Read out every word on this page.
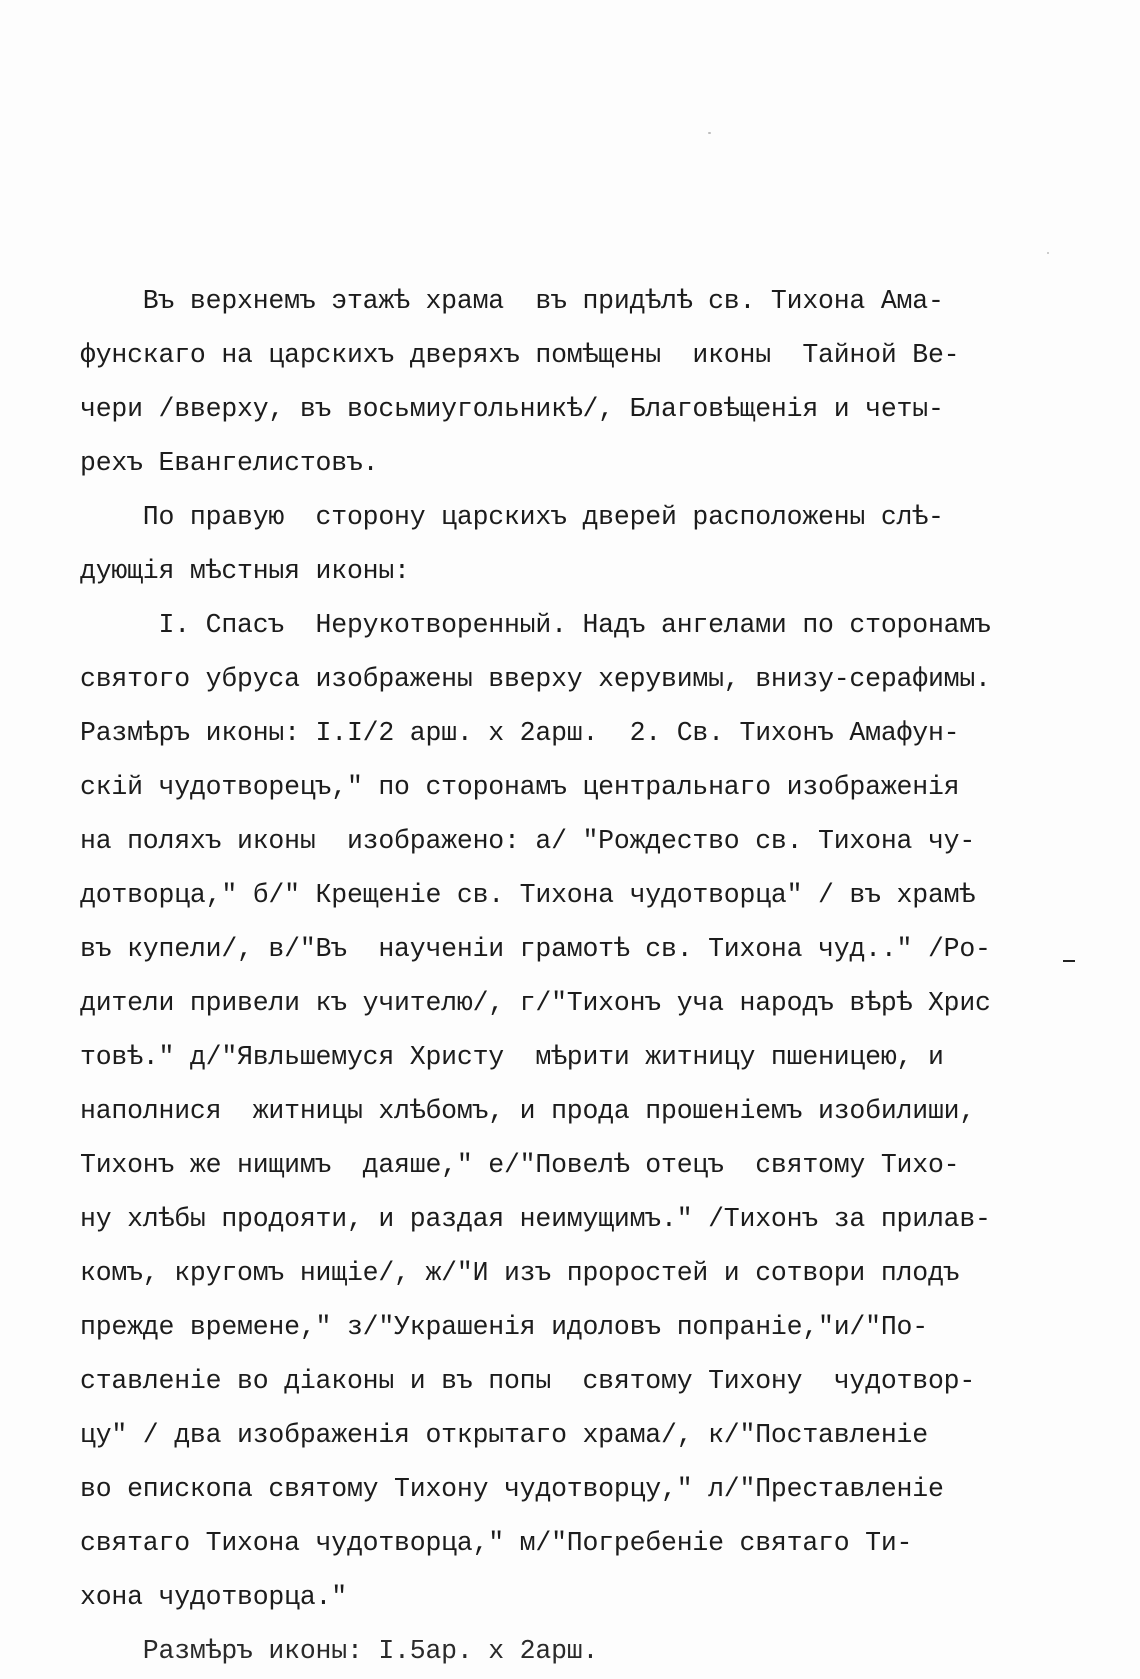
Въ верхнемъ этажѣ храма  въ придѣлѣ св. Тихона Ама-
фунскаго на царскихъ дверяхъ помѣщены  иконы  Тайной Ве-
чери /вверху, въ восьмиугольникѣ/, Благовѣщенія и четы-
рехъ Евангелистовъ.
По правую  сторону царскихъ дверей расположены слѣ-
дующія мѣстныя иконы:
I. Спасъ  Нерукотворенный. Надъ ангелами по сторонамъ
святого убруса изображены вверху херувимы, внизу-серафимы.
Размѣръ иконы: I.I/2 арш. х 2арш.  2. Св. Тихонъ Амафун-
скій чудотворецъ," по сторонамъ центральнаго изображенія
на поляхъ иконы  изображено: а/ "Рождество св. Тихона чу-
дотворца," б/" Крещеніе св. Тихона чудотворца" / въ храмѣ
въ купели/, в/"Въ  наученіи грамотѣ св. Тихона чуд.." /Ро-
дители привели къ учителю/, г/"Тихонъ уча народъ вѣрѣ Хрис
товѣ." д/"Явльшемуся Христу  мѣрити житницу пшеницею, и
наполнися  житницы хлѣбомъ, и прода прошеніемъ изобилиши,
Тихонъ же нищимъ  даяше," е/"Повелѣ отецъ  святому Тихо-
ну хлѣбы продояти, и раздая неимущимъ." /Тихонъ за прилав-
комъ, кругомъ нищіе/, ж/"И изъ проростей и сотвори плодъ
прежде времене," з/"Украшенія идоловъ попраніе,"и/"По-
ставленіе во діаконы и въ попы  святому Тихону  чудотвор-
цу" / два изображенія открытаго храма/, к/"Поставленіе
во епископа святому Тихону чудотворцу," л/"Преставленіе
святаго Тихона чудотворца," м/"Погребеніе святаго Ти-
хона чудотворца."
Размѣръ иконы: I.5ар. х 2арш.
